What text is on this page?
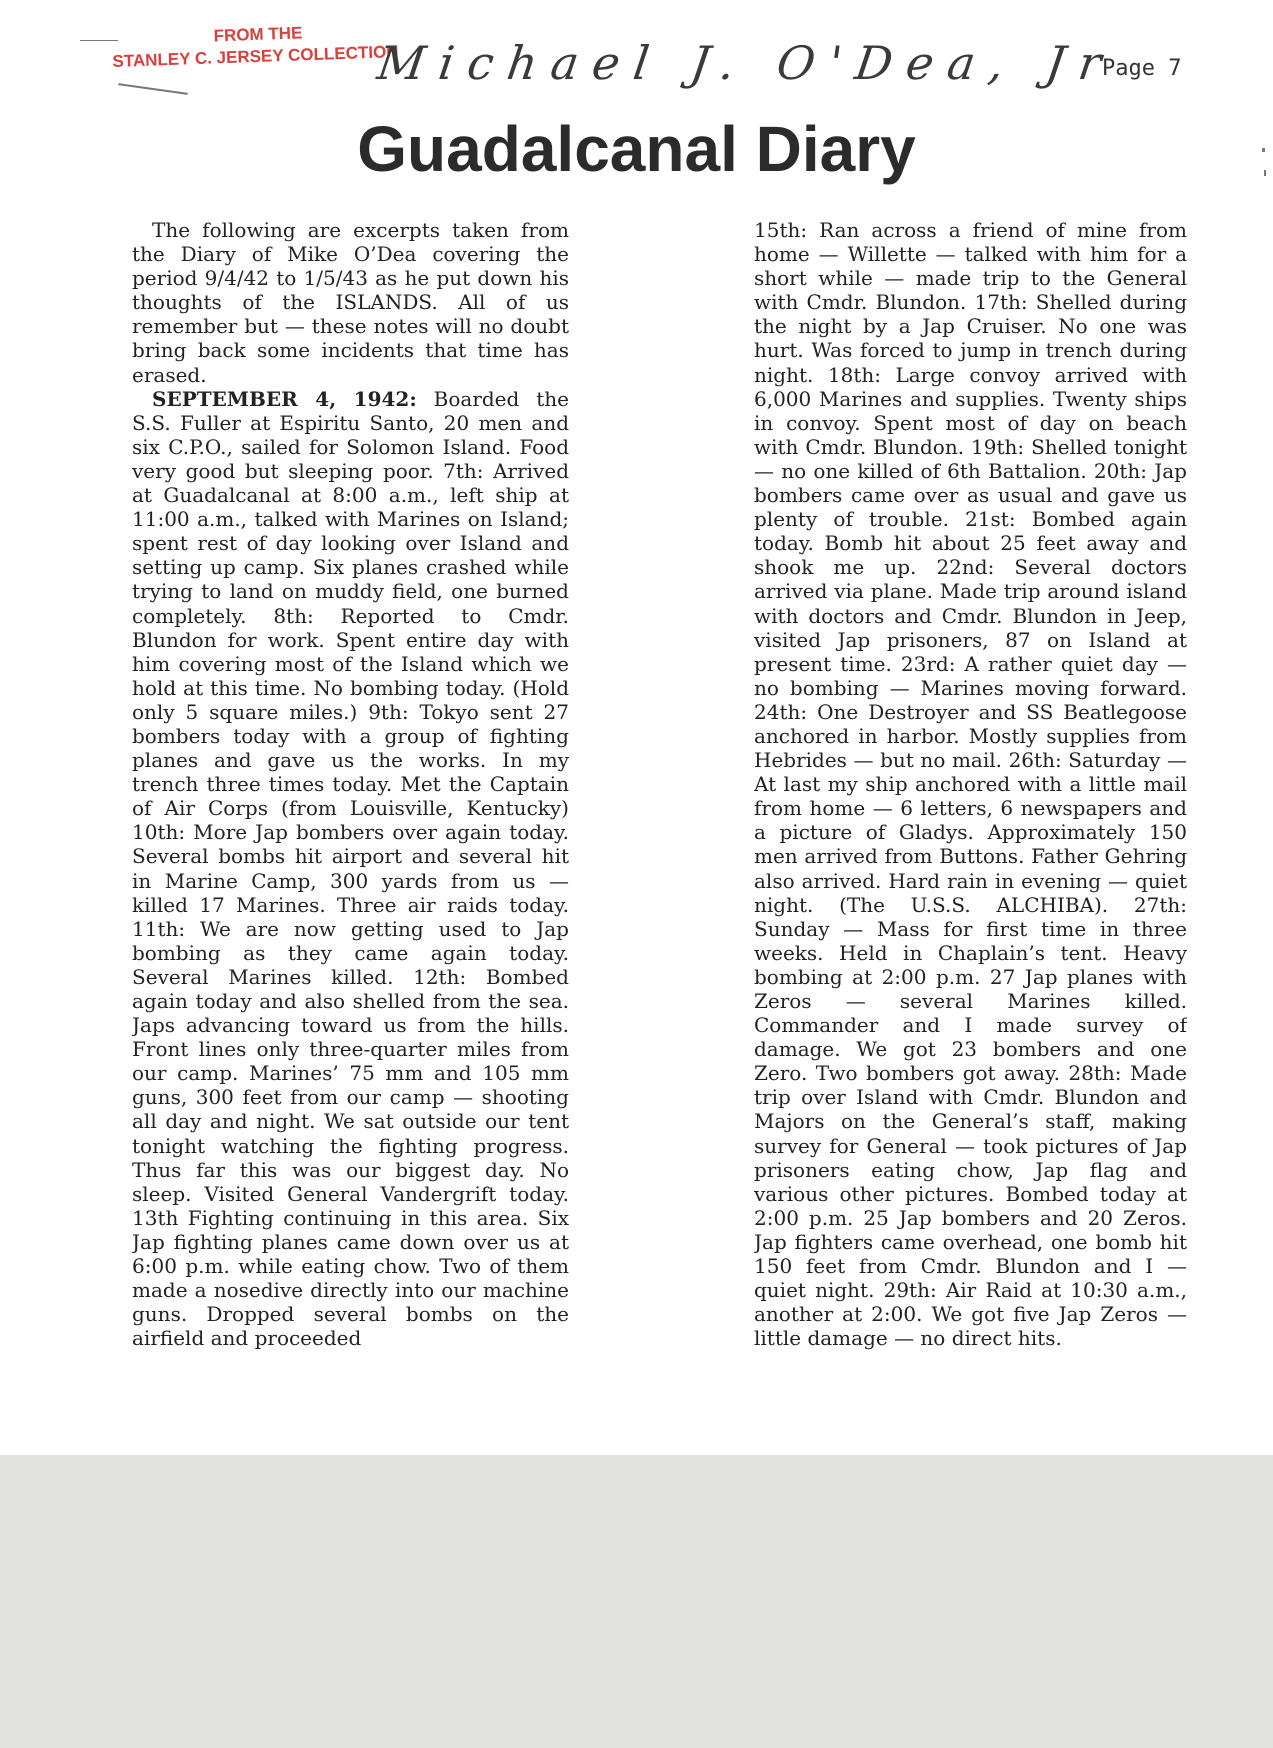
FROM THE
STANLEY C. JERSEY COLLECTION
Michael J. O'Dea, Jr
Page 7
Guadalcanal Diary

The following are excerpts taken from the Diary of Mike O’Dea covering the period 9/4/42 to 1/5/43 as he put down his thoughts of the ISLANDS. All of us remember but — these notes will no doubt bring back some incidents that time has erased.

SEPTEMBER 4, 1942: Boarded the S.S. Fuller at Espiritu Santo, 20 men and six C.P.O., sailed for Solomon Island. Food very good but sleeping poor. 7th: Arrived at Guadalcanal at 8:00 a.m., left ship at 11:00 a.m., talked with Marines on Island; spent rest of day looking over Island and setting up camp. Six planes crashed while trying to land on muddy field, one burned completely. 8th: Reported to Cmdr. Blundon for work. Spent entire day with him covering most of the Island which we hold at this time. No bombing today. (Hold only 5 square miles.) 9th: Tokyo sent 27 bombers today with a group of fighting planes and gave us the works. In my trench three times today. Met the Captain of Air Corps (from Louisville, Kentucky) 10th: More Jap bombers over again today. Several bombs hit airport and several hit in Marine Camp, 300 yards from us — killed 17 Marines. Three air raids today. 11th: We are now getting used to Jap bombing as they came again today. Several Marines killed. 12th: Bombed again today and also shelled from the sea. Japs advancing toward us from the hills. Front lines only three-quarter miles from our camp. Marines’ 75 mm and 105 mm guns, 300 feet from our camp — shooting all day and night. We sat outside our tent tonight watching the fighting progress. Thus far this was our biggest day. No sleep. Visited General Vandergrift today. 13th Fighting continuing in this area. Six Jap fighting planes came down over us at 6:00 p.m. while eating chow. Two of them made a nosedive directly into our machine guns. Dropped several bombs on the airfield and proceeded

15th: Ran across a friend of mine from home — Willette — talked with him for a short while — made trip to the General with Cmdr. Blundon. 17th: Shelled during the night by a Jap Cruiser. No one was hurt. Was forced to jump in trench during night. 18th: Large convoy arrived with 6,000 Marines and supplies. Twenty ships in convoy. Spent most of day on beach with Cmdr. Blundon. 19th: Shelled tonight — no one killed of 6th Battalion. 20th: Jap bombers came over as usual and gave us plenty of trouble. 21st: Bombed again today. Bomb hit about 25 feet away and shook me up. 22nd: Several doctors arrived via plane. Made trip around island with doctors and Cmdr. Blundon in Jeep, visited Jap prisoners, 87 on Island at present time. 23rd: A rather quiet day — no bombing — Marines moving forward. 24th: One Destroyer and SS Beatlegoose anchored in harbor. Mostly supplies from Hebrides — but no mail. 26th: Saturday — At last my ship anchored with a little mail from home — 6 letters, 6 newspapers and a picture of Gladys. Approximately 150 men arrived from Buttons. Father Gehring also arrived. Hard rain in evening — quiet night. (The U.S.S. ALCHIBA). 27th: Sunday — Mass for first time in three weeks. Held in Chaplain’s tent. Heavy bombing at 2:00 p.m. 27 Jap planes with Zeros — several Marines killed. Commander and I made survey of damage. We got 23 bombers and one Zero. Two bombers got away. 28th: Made trip over Island with Cmdr. Blundon and Majors on the General’s staff, making survey for General — took pictures of Jap prisoners eating chow, Jap flag and various other pictures. Bombed today at 2:00 p.m. 25 Jap bombers and 20 Zeros. Jap fighters came overhead, one bomb hit 150 feet from Cmdr. Blundon and I — quiet night. 29th: Air Raid at 10:30 a.m., another at 2:00. We got five Jap Zeros — little damage — no direct hits.
